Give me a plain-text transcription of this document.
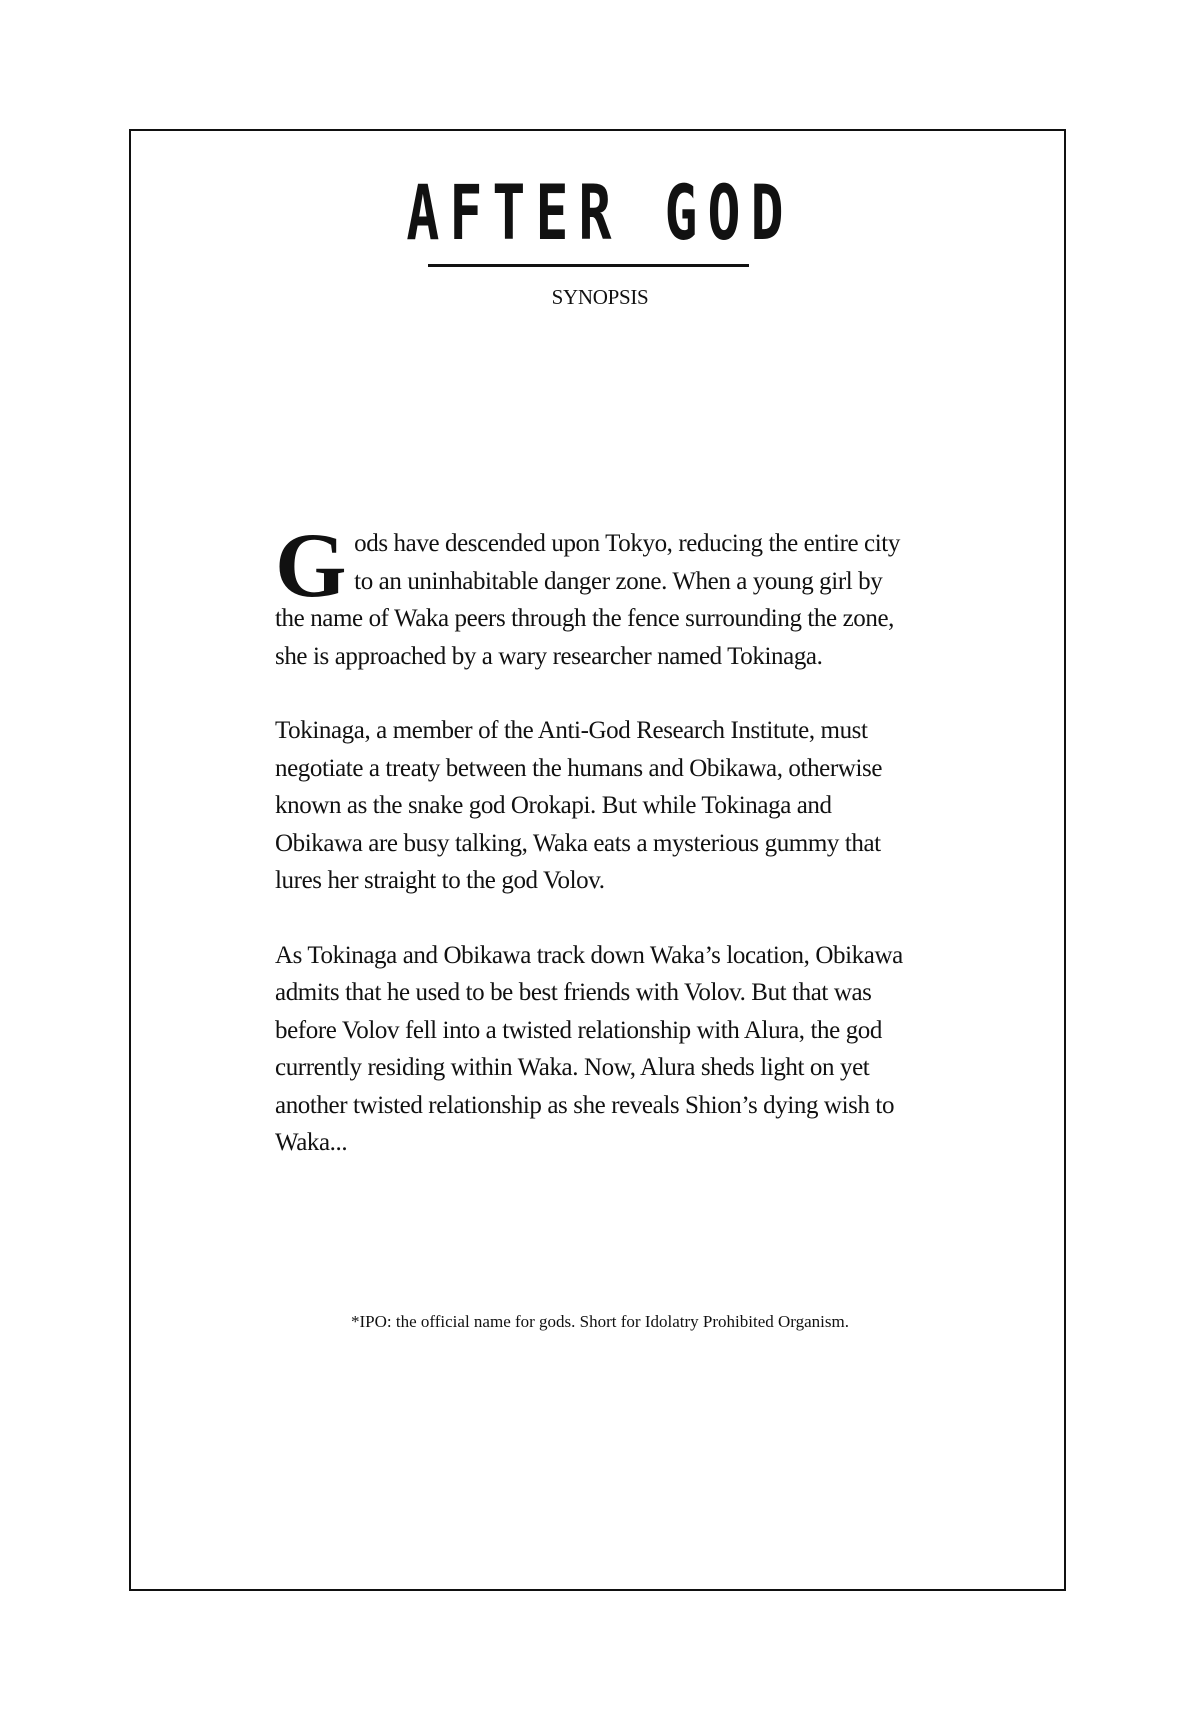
AFTER GOD
SYNOPSIS

Gods have descended upon Tokyo, reducing the entire city to an uninhabitable danger zone. When a young girl by the name of Waka peers through the fence surrounding the zone, she is approached by a wary researcher named Tokinaga.

Tokinaga, a member of the Anti-God Research Institute, must negotiate a treaty between the humans and Obikawa, otherwise known as the snake god Orokapi. But while Tokinaga and Obikawa are busy talking, Waka eats a mysterious gummy that lures her straight to the god Volov.

As Tokinaga and Obikawa track down Waka’s location, Obikawa admits that he used to be best friends with Volov. But that was before Volov fell into a twisted relationship with Alura, the god currently residing within Waka. Now, Alura sheds light on yet another twisted relationship as she reveals Shion’s dying wish to Waka...

*IPO: the official name for gods. Short for Idolatry Prohibited Organism.
